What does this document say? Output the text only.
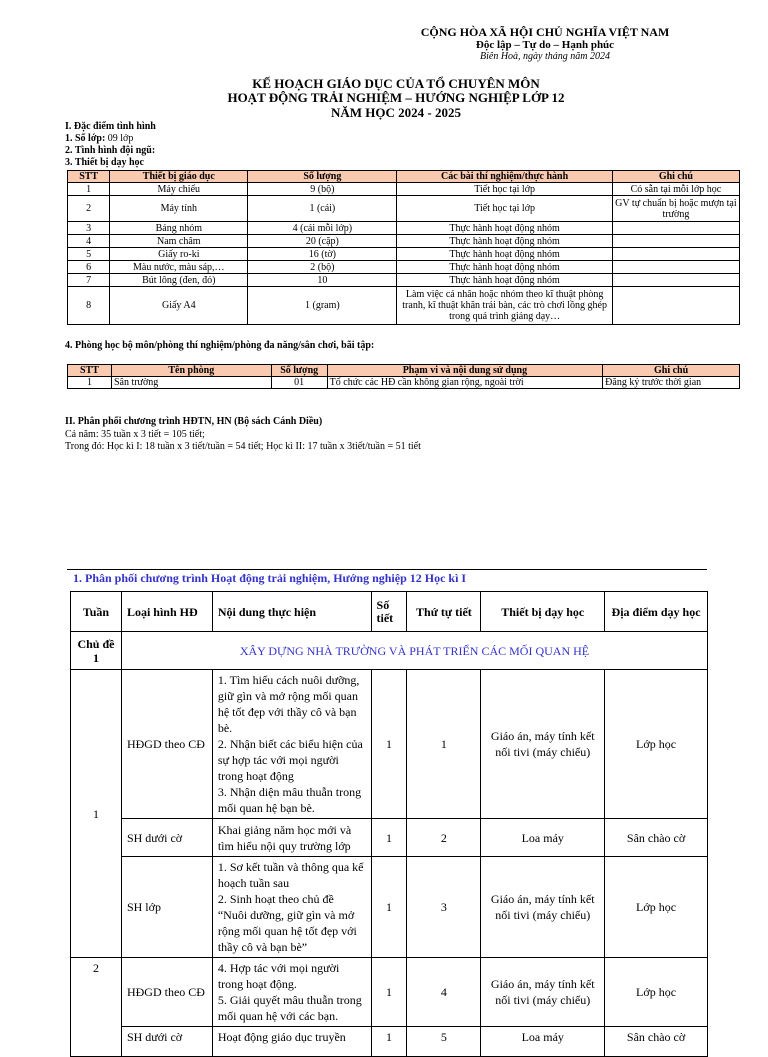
CỘNG HÒA XÃ HỘI CHỦ NGHĨA VIỆT NAM
Độc lập – Tự do – Hạnh phúc
Biên Hoà, ngày tháng năm 2024
KẾ HOẠCH GIÁO DỤC CỦA TỔ CHUYÊN MÔN
HOẠT ĐỘNG TRẢI NGHIỆM – HƯỚNG NGHIỆP LỚP 12
NĂM HỌC 2024 - 2025
I. Đặc điểm tình hình
1. Số lớp: 09 lớp
2. Tình hình đội ngũ:
3. Thiết bị dạy học
STT	Thiết bị giáo dục	Số lượng	Các bài thí nghiệm/thực hành	Ghi chú
1	Máy chiếu	9 (bộ)	Tiết học tại lớp	Có sẵn tại mỗi lớp học
2	Máy tính	1 (cái)	Tiết học tại lớp	GV tự chuẩn bị hoặc mượn tại trường
3	Bảng nhóm	4 (cái mỗi lớp)	Thực hành hoạt động nhóm	
4	Nam châm	20 (cặp)	Thực hành hoạt động nhóm	
5	Giấy ro-ki	16 (tờ)	Thực hành hoạt động nhóm	
6	Màu nước, màu sáp,…	2 (bộ)	Thực hành hoạt động nhóm	
7	Bút lông (đen, đỏ)	10	Thực hành hoạt động nhóm	
8	Giấy A4	1 (gram)	Làm việc cá nhân hoặc nhóm theo kĩ thuật phòng tranh, kĩ thuật khăn trải bàn, các trò chơi lồng ghép trong quá trình giảng dạy…	
4. Phòng học bộ môn/phòng thí nghiệm/phòng đa năng/sân chơi, bãi tập:
STT	Tên phòng	Số lượng	Phạm vi và nội dung sử dụng	Ghi chú
1	Sân trường	01	Tổ chức các HĐ cần không gian rộng, ngoài trời	Đăng ký trước thời gian
II. Phân phối chương trình HĐTN, HN (Bộ sách Cánh Diều)
Cả năm: 35 tuần x 3 tiết = 105 tiết;
Trong đó: Học kì I: 18 tuần x 3 tiết/tuần = 54 tiết; Học kì II: 17 tuần x 3tiết/tuần = 51 tiết
1. Phân phối chương trình Hoạt động trải nghiệm, Hướng nghiệp 12 Học kì I
Tuần	Loại hình HĐ	Nội dung thực hiện	Số tiết	Thứ tự tiết	Thiết bị dạy học	Địa điểm dạy học
Chủ đề 1	XÂY DỰNG NHÀ TRƯỜNG VÀ PHÁT TRIỂN CÁC MỐI QUAN HỆ					
1	HĐGD theo CĐ	1. Tìm hiểu cách nuôi dưỡng, giữ gìn và mở rộng mối quan hệ tốt đẹp với thầy cô và bạn bè.
2. Nhận biết các biểu hiện của sự hợp tác với mọi người trong hoạt động
3. Nhận diện mâu thuẫn trong mối quan hệ bạn bè.	1	1	Giáo án, máy tính kết nối tivi (máy chiếu)	Lớp học
	SH dưới cờ	Khai giảng năm học mới và tìm hiểu nội quy trường lớp	1	2	Loa máy	Sân chào cờ
	SH lớp	1. Sơ kết tuần và thông qua kế hoạch tuần sau
2. Sinh hoạt theo chủ đề “Nuôi dưỡng, giữ gìn và mở rộng mối quan hệ tốt đẹp với thầy cô và bạn bè”	1	3	Giáo án, máy tính kết nối tivi (máy chiếu)	Lớp học
2	HĐGD theo CĐ	4. Hợp tác với mọi người trong hoạt động.
5. Giải quyết mâu thuẫn trong mối quan hệ với các bạn.	1	4	Giáo án, máy tính kết nối tivi (máy chiếu)	Lớp học
	SH dưới cờ	Hoạt động giáo dục truyền	1	5	Loa máy	Sân chào cờ
